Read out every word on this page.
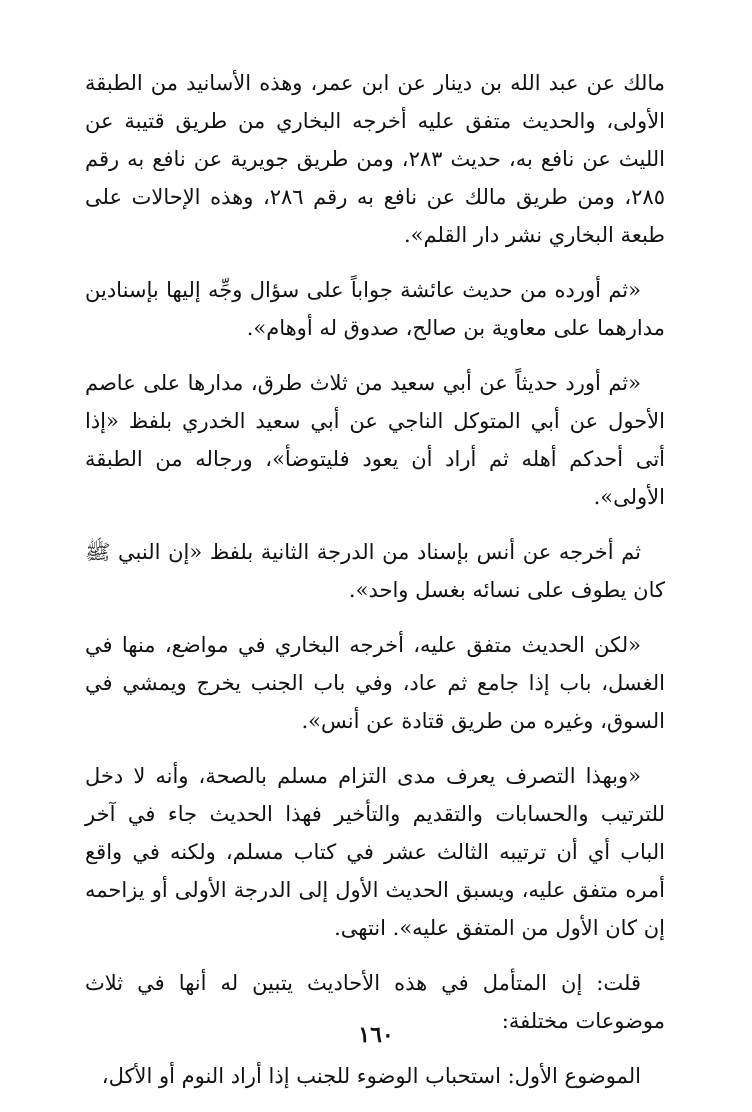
مالك عن عبد الله بن دينار عن ابن عمر، وهذه الأسانيد من الطبقة الأولى، والحديث متفق عليه أخرجه البخاري من طريق قتيبة عن الليث عن نافع به، حديث ٢٨٣، ومن طريق جويرية عن نافع به رقم ٢٨٥، ومن طريق مالك عن نافع به رقم ٢٨٦، وهذه الإحالات على طبعة البخاري نشر دار القلم».

«ثم أورده من حديث عائشة جواباً على سؤال وجِّه إليها بإسنادين مدارهما على معاوية بن صالح، صدوق له أوهام».

«ثم أورد حديثاً عن أبي سعيد من ثلاث طرق، مدارها على عاصم الأحول عن أبي المتوكل الناجي عن أبي سعيد الخدري بلفظ «إذا أتى أحدكم أهله ثم أراد أن يعود فليتوضأ»، ورجاله من الطبقة الأولى».

ثم أخرجه عن أنس بإسناد من الدرجة الثانية بلفظ «إن النبي ﷺ كان يطوف على نسائه بغسل واحد».

«لكن الحديث متفق عليه، أخرجه البخاري في مواضع، منها في الغسل، باب إذا جامع ثم عاد، وفي باب الجنب يخرج ويمشي في السوق، وغيره من طريق قتادة عن أنس».

«وبهذا التصرف يعرف مدى التزام مسلم بالصحة، وأنه لا دخل للترتيب والحسابات والتقديم والتأخير فهذا الحديث جاء في آخر الباب أي أن ترتيبه الثالث عشر في كتاب مسلم، ولكنه في واقع أمره متفق عليه، ويسبق الحديث الأول إلى الدرجة الأولى أو يزاحمه إن كان الأول من المتفق عليه». انتهى.

قلت: إن المتأمل في هذه الأحاديث يتبين له أنها في ثلاث موضوعات مختلفة:

الموضوع الأول: استحباب الوضوء للجنب إذا أراد النوم أو الأكل،

١٦٠
